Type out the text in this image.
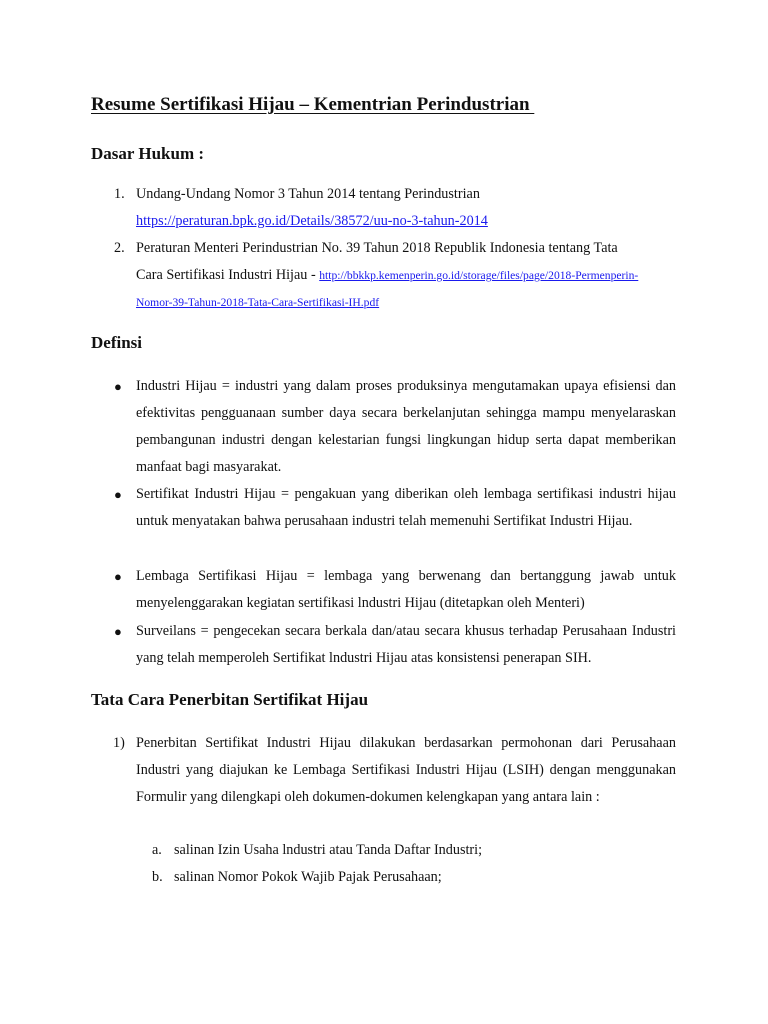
Resume Sertifikasi Hijau – Kementrian Perindustrian
Dasar Hukum :
1. Undang-Undang Nomor 3 Tahun 2014 tentang Perindustrian
https://peraturan.bpk.go.id/Details/38572/uu-no-3-tahun-2014
2. Peraturan Menteri Perindustrian No. 39 Tahun 2018 Republik Indonesia tentang Tata
Cara Sertifikasi Industri Hijau - http://bbkkp.kemenperin.go.id/storage/files/page/2018-Permenperin-
Nomor-39-Tahun-2018-Tata-Cara-Sertifikasi-IH.pdf
Definsi
● Industri Hijau = industri yang dalam proses produksinya mengutamakan upaya efisiensi dan efektivitas pengguanaan sumber daya secara berkelanjutan sehingga mampu menyelaraskan pembangunan industri dengan kelestarian fungsi lingkungan hidup serta dapat memberikan manfaat bagi masyarakat.
● Sertifikat Industri Hijau = pengakuan yang diberikan oleh lembaga sertifikasi industri hijau untuk menyatakan bahwa perusahaan industri telah memenuhi Sertifikat Industri Hijau.
● Lembaga Sertifikasi Hijau = lembaga yang berwenang dan bertanggung jawab untuk menyelenggarakan kegiatan sertifikasi lndustri Hijau (ditetapkan oleh Menteri)
● Surveilans = pengecekan secara berkala dan/atau secara khusus terhadap Perusahaan Industri yang telah memperoleh Sertifikat lndustri Hijau atas konsistensi penerapan SIH.
Tata Cara Penerbitan Sertifikat Hijau
1) Penerbitan Sertifikat Industri Hijau dilakukan berdasarkan permohonan dari Perusahaan Industri yang diajukan ke Lembaga Sertifikasi Industri Hijau (LSIH) dengan menggunakan Formulir yang dilengkapi oleh dokumen-dokumen kelengkapan yang antara lain :
a. salinan Izin Usaha lndustri atau Tanda Daftar Industri;
b. salinan Nomor Pokok Wajib Pajak Perusahaan;
